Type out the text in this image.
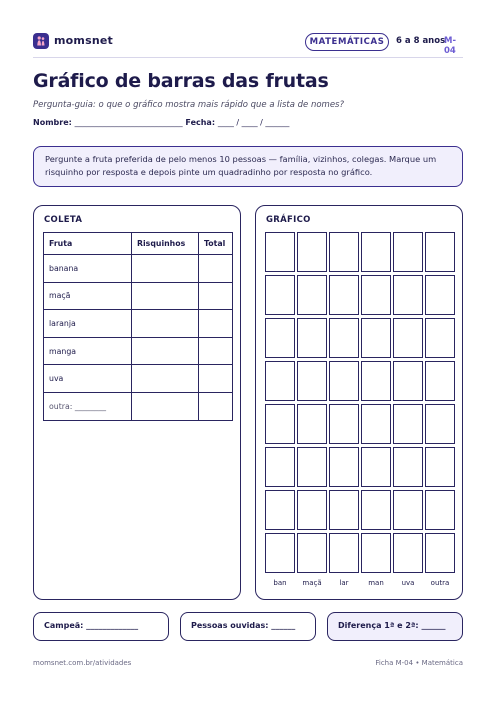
momsnet	MATEMÁTICAS	6 a 8 anos
M-04
Gráfico de barras das frutas

Pergunta-guia: o que o gráfico mostra mais rápido que a lista de nomes?

Nombre: ___________________________ Fecha: ____ / ____ / ______
Pergunte a fruta preferida de pelo menos 10 pessoas — família, vizinhos, colegas. Marque um risquinho por resposta e depois pinte um quadradinho por resposta no gráfico.
COLETA
Fruta	Risquinhos	Total
banana		
maçã		
laranja		
manga		
uva		
outra: ________		
GRÁFICO
ban	maçã	lar	man	uva	outra
Campeã: _____________	Pessoas ouvidas: ______	Diferença 1ª e 2ª: ______
momsnet.com.br/atividades	Ficha M-04 • Matemática
